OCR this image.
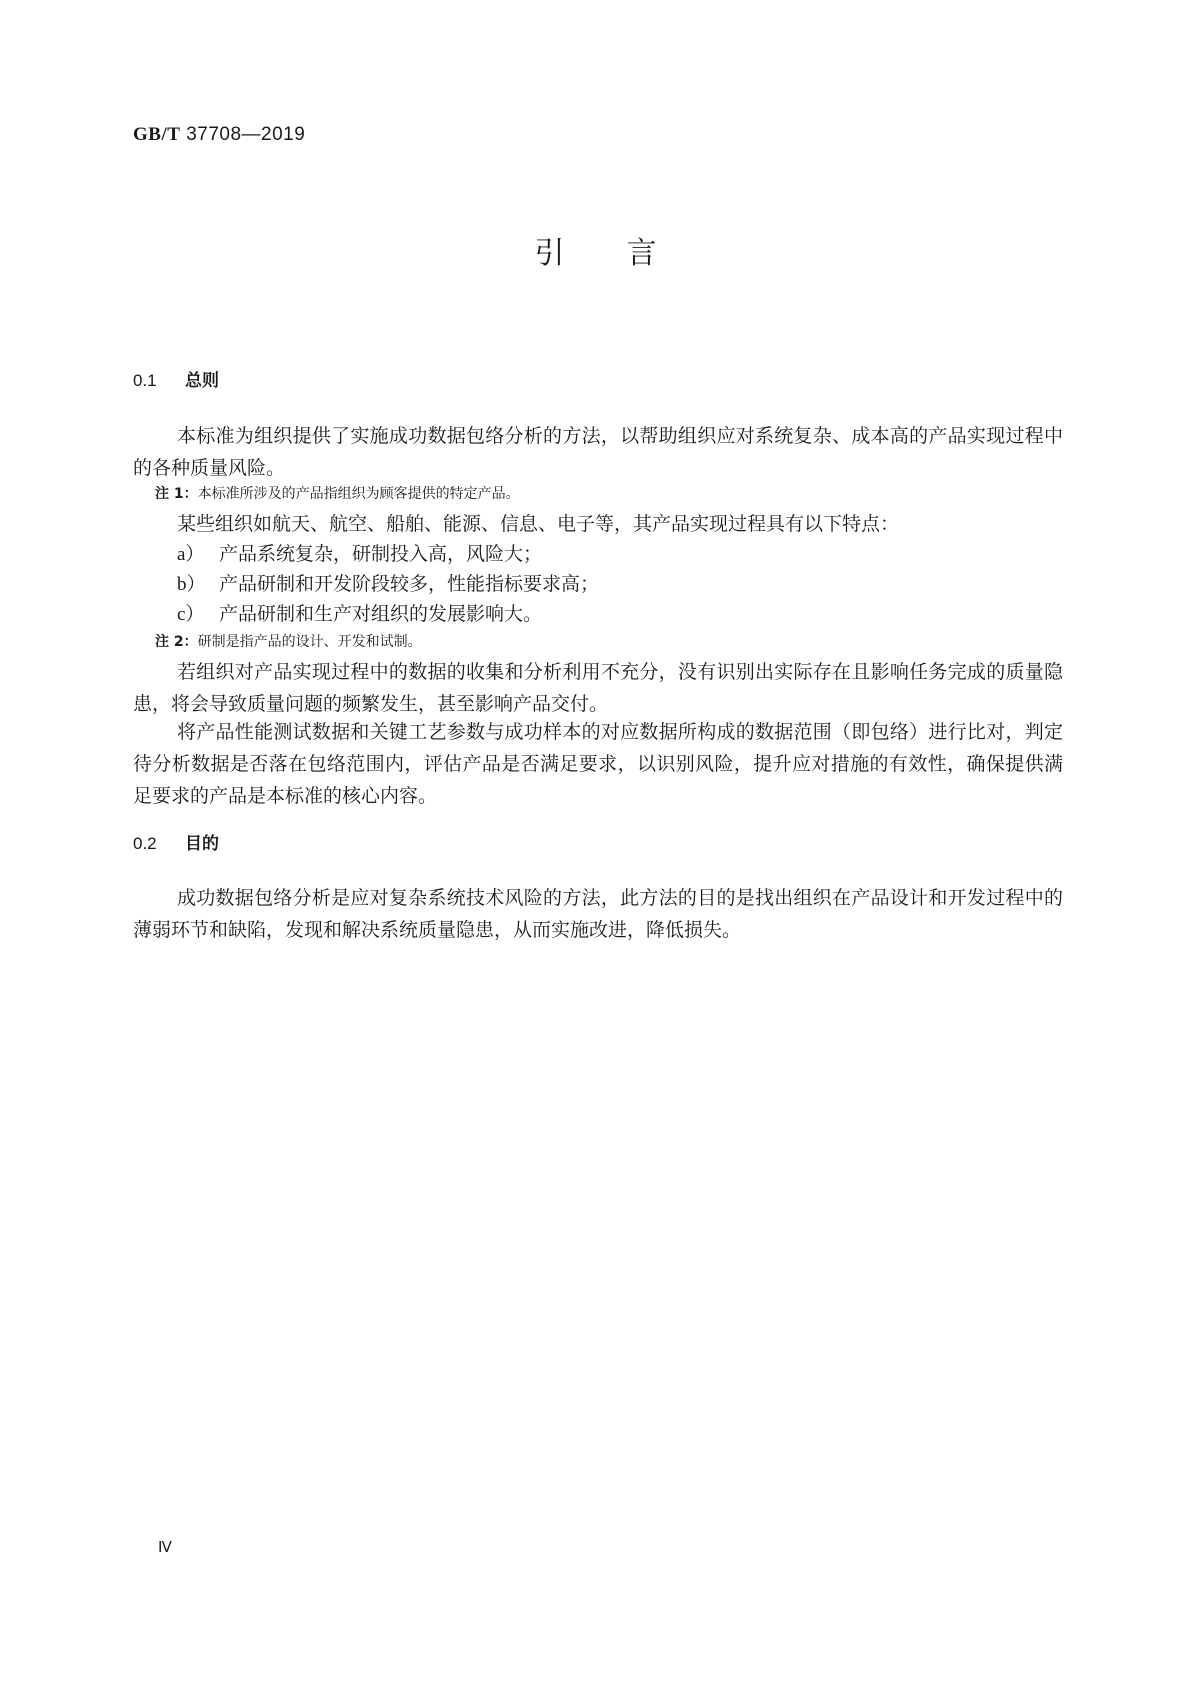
GB/T 37708—2019
引言
0.1 总则

本标准为组织提供了实施成功数据包络分析的方法，以帮助组织应对系统复杂、成本高的产品实现过程中的各种质量风险。

注 1：本标准所涉及的产品指组织为顾客提供的特定产品。

某些组织如航天、航空、船舶、能源、信息、电子等，其产品实现过程具有以下特点：

a） 产品系统复杂，研制投入高，风险大；
b） 产品研制和开发阶段较多，性能指标要求高；
c） 产品研制和生产对组织的发展影响大。
注 2：研制是指产品的设计、开发和试制。

若组织对产品实现过程中的数据的收集和分析利用不充分，没有识别出实际存在且影响任务完成的质量隐患，将会导致质量问题的频繁发生，甚至影响产品交付。

将产品性能测试数据和关键工艺参数与成功样本的对应数据所构成的数据范围（即包络）进行比对，判定待分析数据是否落在包络范围内，评估产品是否满足要求，以识别风险，提升应对措施的有效性，确保提供满足要求的产品是本标准的核心内容。

0.2 目的

成功数据包络分析是应对复杂系统技术风险的方法，此方法的目的是找出组织在产品设计和开发过程中的薄弱环节和缺陷，发现和解决系统质量隐患，从而实施改进，降低损失。

Ⅳ
